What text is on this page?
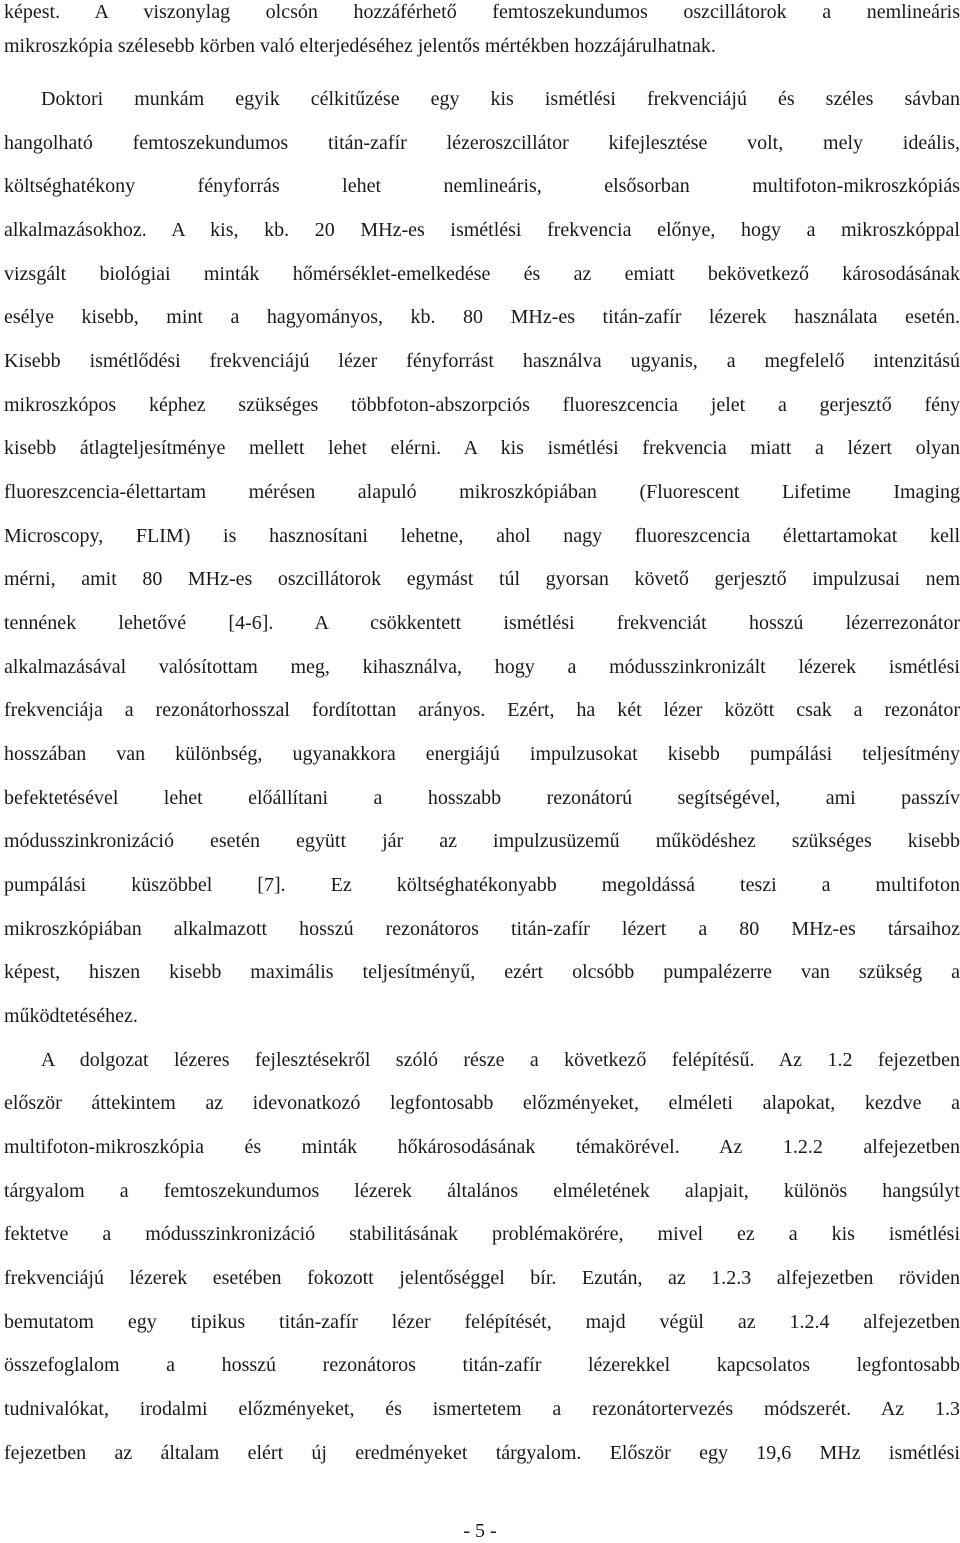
képest. A viszonylag olcsón hozzáférhető femtoszekundumos oszcillátorok a nemlineáris
mikroszkópia szélesebb körben való elterjedéséhez jelentős mértékben hozzájárulhatnak.
Doktori munkám egyik célkitűzése egy kis ismétlési frekvenciájú és széles sávban
hangolható femtoszekundumos titán-zafír lézeroszcillátor kifejlesztése volt, mely ideális,
költséghatékony fényforrás lehet nemlineáris, elsősorban multifoton-mikroszkópiás
alkalmazásokhoz. A kis, kb. 20 MHz-es ismétlési frekvencia előnye, hogy a mikroszkóppal
vizsgált biológiai minták hőmérséklet-emelkedése és az emiatt bekövetkező károsodásának
esélye kisebb, mint a hagyományos, kb. 80 MHz-es titán-zafír lézerek használata esetén.
Kisebb ismétlődési frekvenciájú lézer fényforrást használva ugyanis, a megfelelő intenzitású
mikroszkópos képhez szükséges többfoton-abszorpciós fluoreszcencia jelet a gerjesztő fény
kisebb átlagteljesítménye mellett lehet elérni. A kis ismétlési frekvencia miatt a lézert olyan
fluoreszcencia-élettartam mérésen alapuló mikroszkópiában (Fluorescent Lifetime Imaging
Microscopy, FLIM) is hasznosítani lehetne, ahol nagy fluoreszcencia élettartamokat kell
mérni, amit 80 MHz-es oszcillátorok egymást túl gyorsan követő gerjesztő impulzusai nem
tennének lehetővé [4-6]. A csökkentett ismétlési frekvenciát hosszú lézerrezonátor
alkalmazásával valósítottam meg, kihasználva, hogy a módusszinkronizált lézerek ismétlési
frekvenciája a rezonátorhosszal fordítottan arányos. Ezért, ha két lézer között csak a rezonátor
hosszában van különbség, ugyanakkora energiájú impulzusokat kisebb pumpálási teljesítmény
befektetésével lehet előállítani a hosszabb rezonátorú segítségével, ami passzív
módusszinkronizáció esetén együtt jár az impulzusüzemű működéshez szükséges kisebb
pumpálási küszöbbel [7]. Ez költséghatékonyabb megoldássá teszi a multifoton
mikroszkópiában alkalmazott hosszú rezonátoros titán-zafír lézert a 80 MHz-es társaihoz
képest, hiszen kisebb maximális teljesítményű, ezért olcsóbb pumpalézerre van szükség a
működtetéséhez.
A dolgozat lézeres fejlesztésekről szóló része a következő felépítésű. Az 1.2 fejezetben
először áttekintem az idevonatkozó legfontosabb előzményeket, elméleti alapokat, kezdve a
multifoton-mikroszkópia és minták hőkárosodásának témakörével. Az 1.2.2 alfejezetben
tárgyalom a femtoszekundumos lézerek általános elméletének alapjait, különös hangsúlyt
fektetve a módusszinkronizáció stabilitásának problémakörére, mivel ez a kis ismétlési
frekvenciájú lézerek esetében fokozott jelentőséggel bír. Ezután, az 1.2.3 alfejezetben röviden
bemutatom egy tipikus titán-zafír lézer felépítését, majd végül az 1.2.4 alfejezetben
összefoglalom a hosszú rezonátoros titán-zafír lézerekkel kapcsolatos legfontosabb
tudnivalókat, irodalmi előzményeket, és ismertetem a rezonátortervezés módszerét. Az 1.3
fejezetben az általam elért új eredményeket tárgyalom. Először egy 19,6 MHz ismétlési
- 5 -
